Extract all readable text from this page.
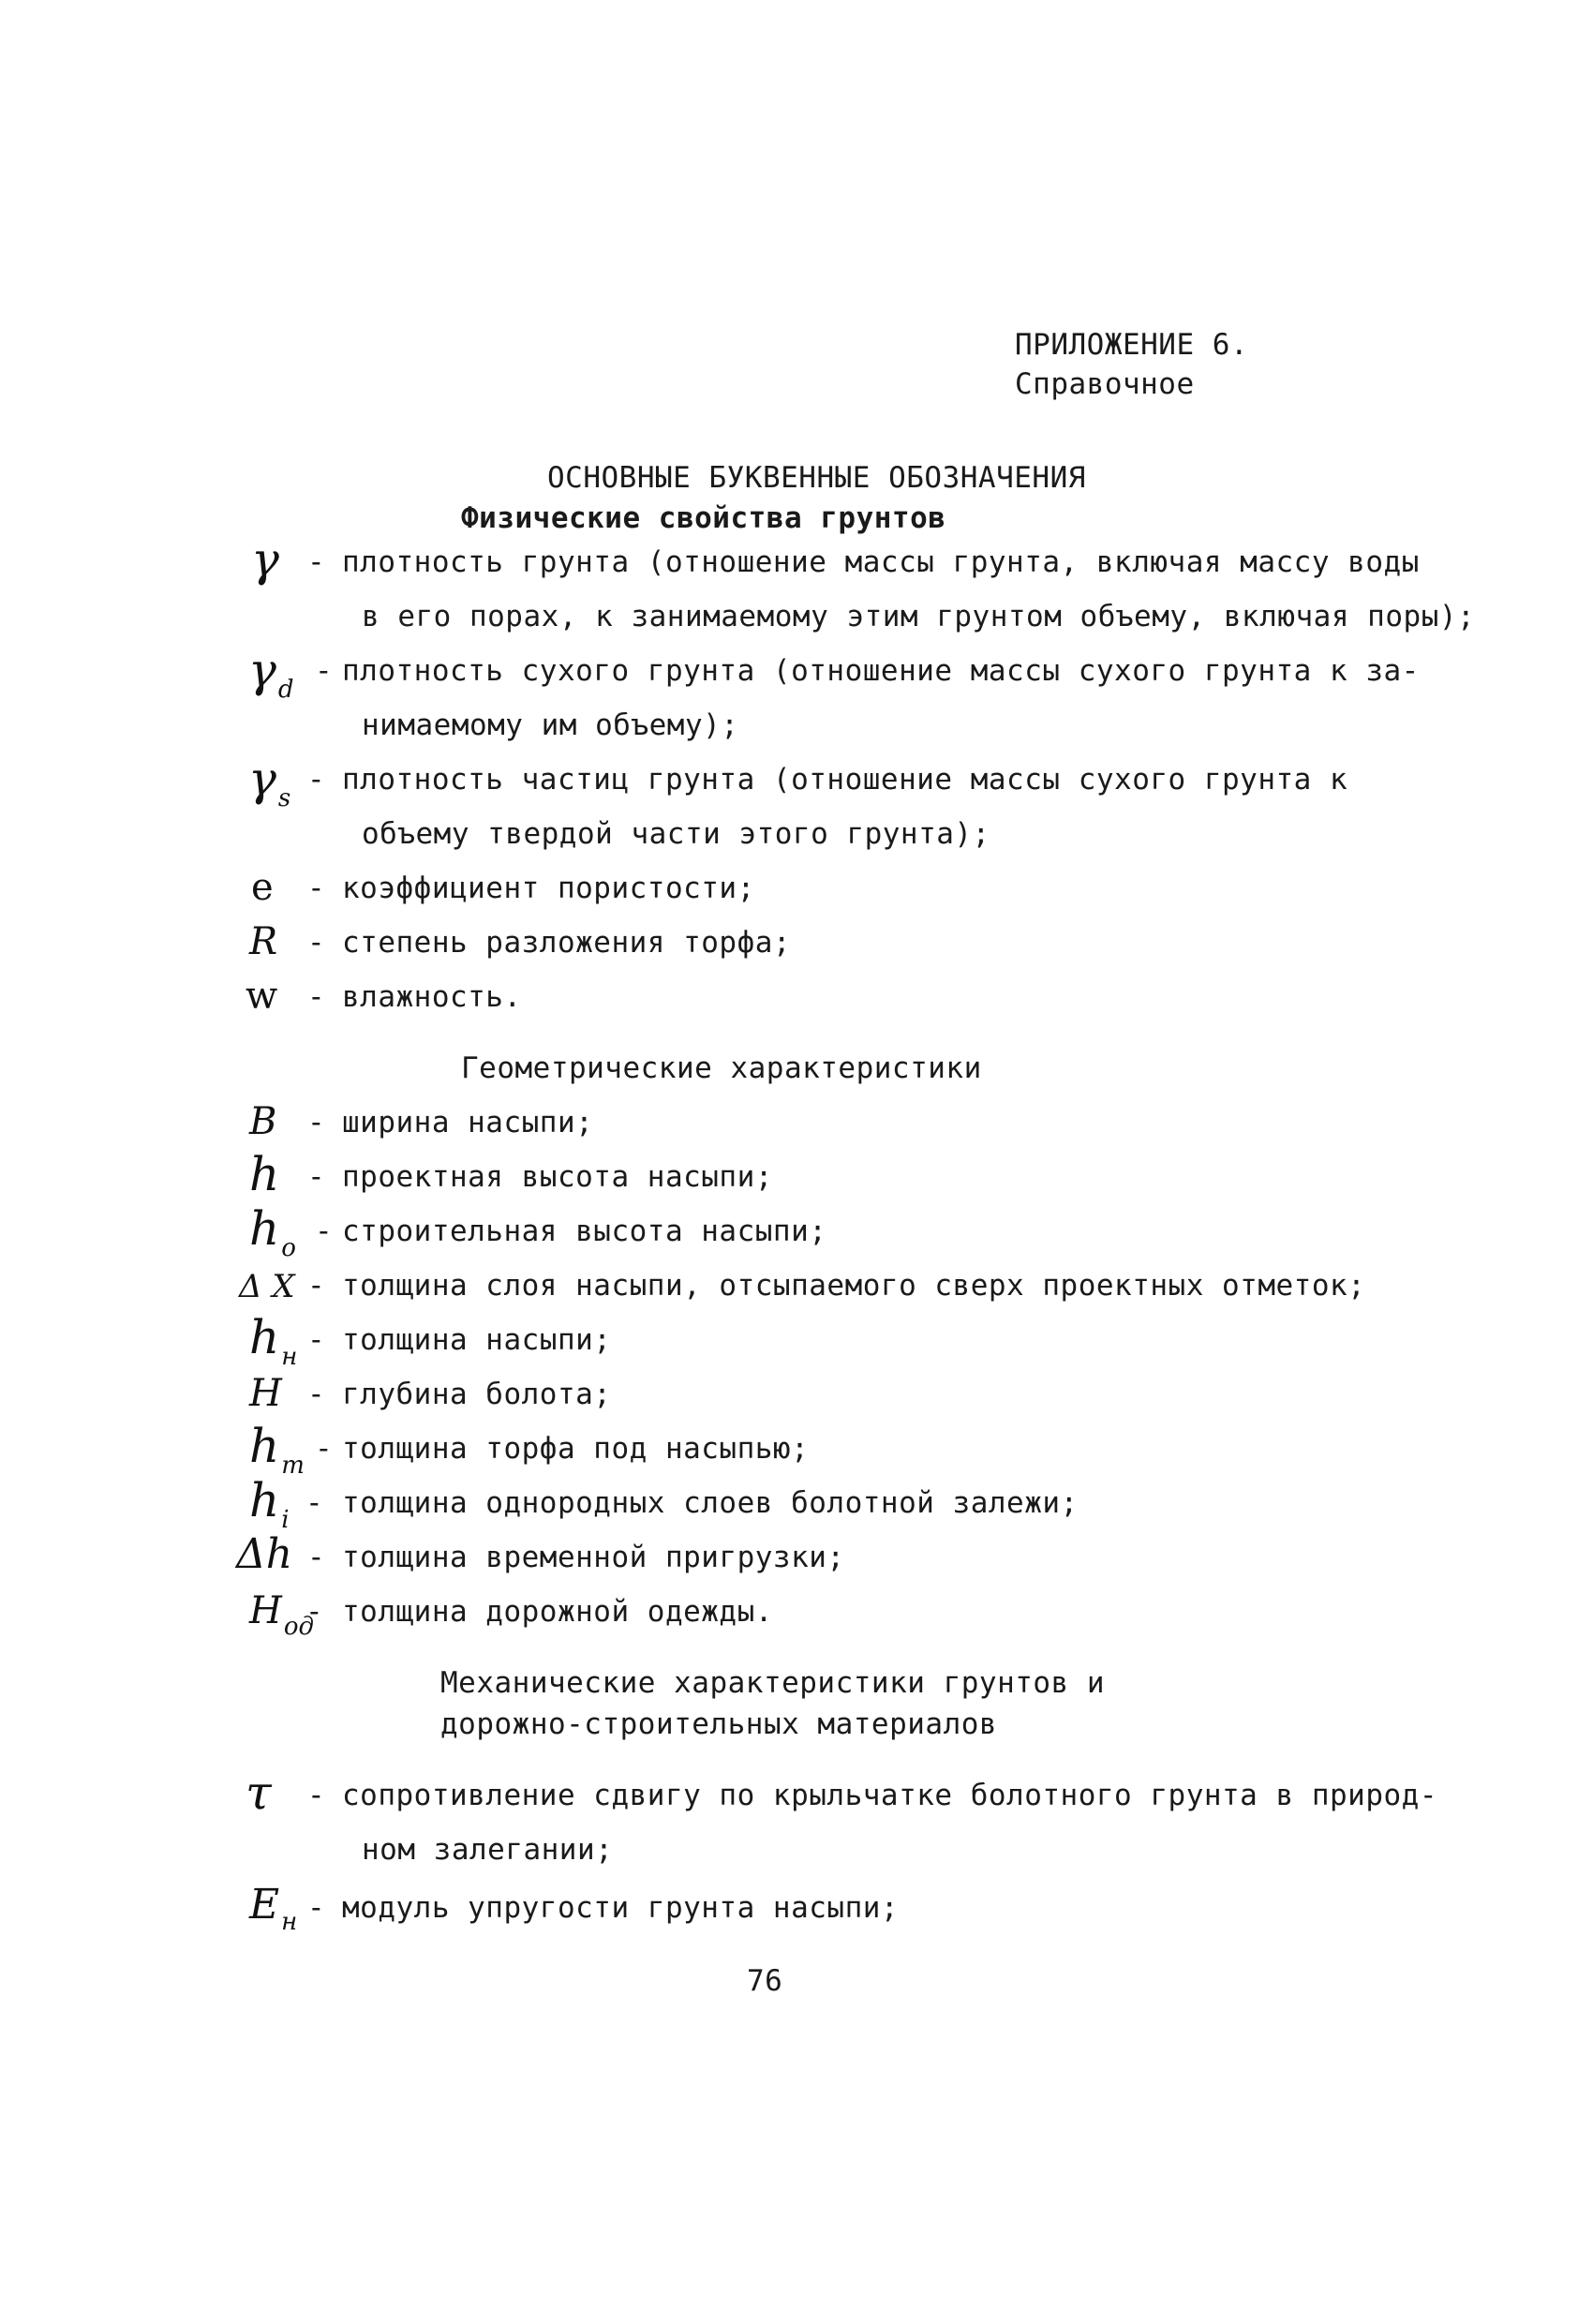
ПРИЛОЖЕНИЕ 6.
Справочное
ОСНОВНЫЕ БУКВЕННЫЕ ОБОЗНАЧЕНИЯ
Физические свойства грунтов
γ - плотность грунта (отношение массы грунта, включая массу воды
в его порах, к занимаемому этим грунтом объему, включая поры);
$\gamma_d$
- плотность сухого грунта (отношение массы сухого грунта к за-
нимаемому им объему);
$\gamma_s$
- плотность частиц грунта (отношение массы сухого грунта к
объему твердой части этого грунта);
e - коэффициент пористости;
R - степень разложения торфа;
w - влажность.
Геометрические характеристики
B - ширина насыпи;
h - проектная высота насыпи;
$h_o$ - строительная высота насыпи;
Δ X - толщина слоя насыпи, отсыпаемого сверх проектных отметок;
$h_н$ - толщина насыпи;
H - глубина болота;
$h_т$ - толщина торфа под насыпью;
$h_i$ - толщина однородных слоев болотной залежи;
Δh - толщина временной пригрузки;
$H_{од}$
- толщина дорожной одежды.
Механические характеристики грунтов и
дорожно-строительных материалов
τ - сопротивление сдвигу по крыльчатке болотного грунта в природ-
ном залегании;
$E_н$ - модуль упругости грунта насыпи;
76
